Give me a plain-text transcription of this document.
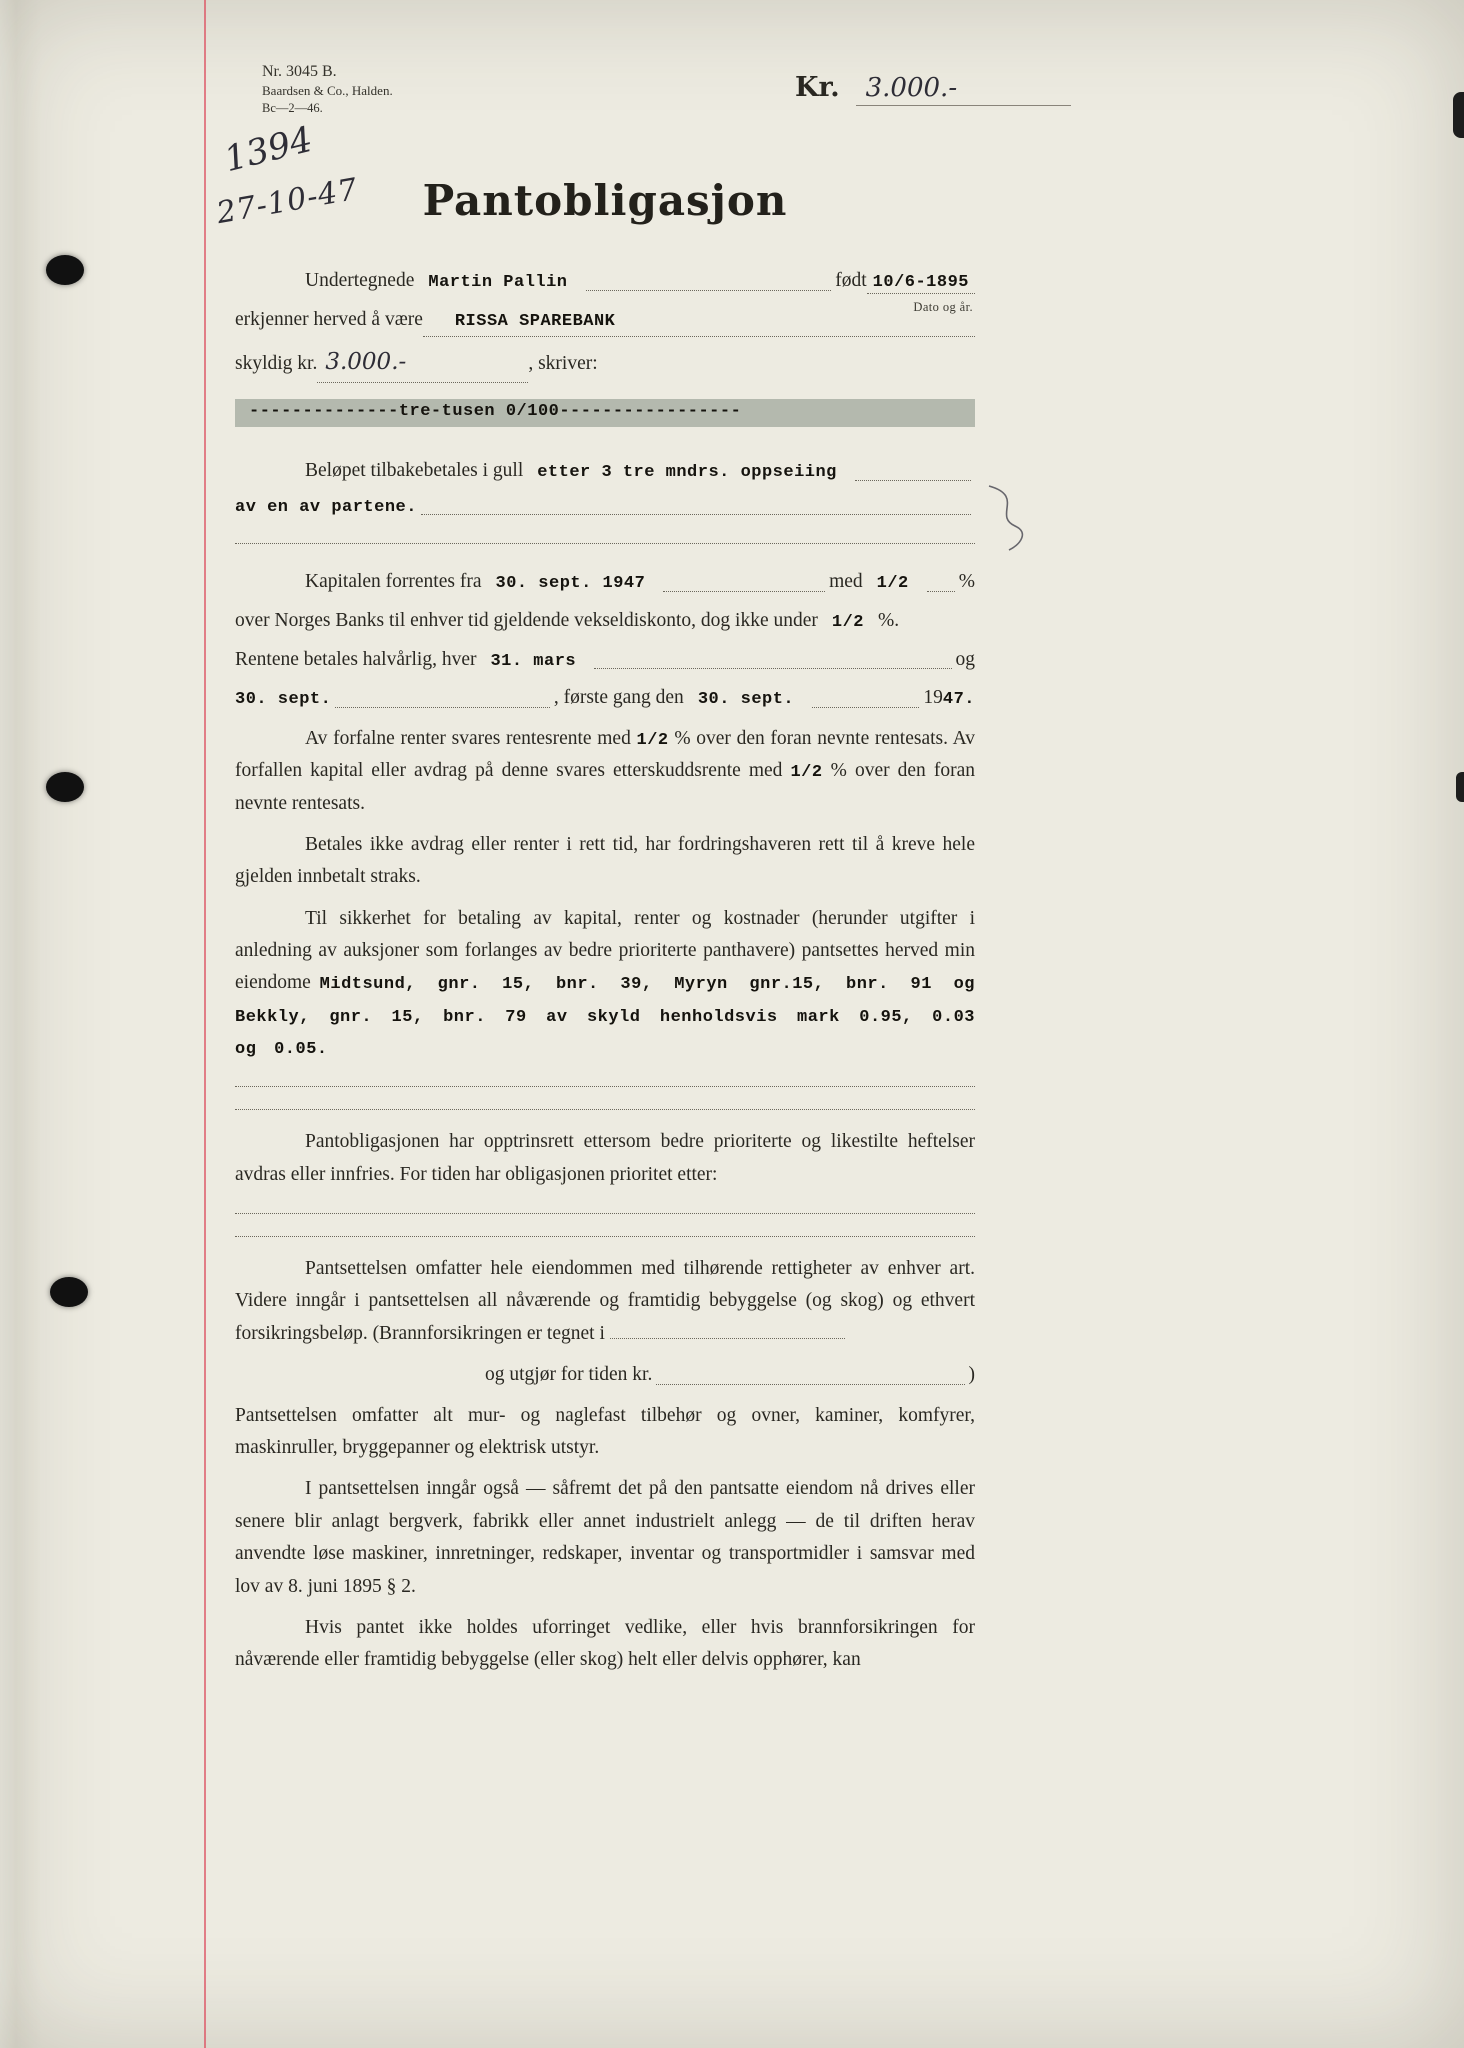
Nr. 3045 B.
Baardsen & Co., Halden.
Bc—2—46.
Kr.	3.000.-
1394
27-10-47	Pantobligasjon
Undertegnede Martin Pallin	født 10/6-1895
Dato og år.
erkjenner herved å være	RISSA SPAREBANK
skyldig kr. 3.000.-	, skriver:
--------------tre-tusen 0/100-----------------
Beløpet tilbakebetales i gull etter 3 tre mndrs. oppseiing
av en av partene.
Kapitalen forrentes fra 30. sept. 1947	med 1/2	%
over Norges Banks til enhver tid gjeldende vekseldiskonto, dog ikke under 1/2 %.
Rentene betales halvårlig, hver 31. mars	og
30. sept.	, første gang den 30. sept.	19 47.

Av forfalne renter svares rentesrente med 1/2 % over den foran nevnte rentesats. Av forfallen kapital eller avdrag på denne svares etterskuddsrente med 1/2 % over den foran nevnte rentesats.

Betales ikke avdrag eller renter i rett tid, har fordringshaveren rett til å kreve hele gjelden innbetalt straks.

Til sikkerhet for betaling av kapital, renter og kostnader (herunder utgifter i anledning av auksjoner som forlanges av bedre prioriterte panthavere) pantsettes herved min eiendome Midtsund, gnr. 15, bnr. 39, Myryn gnr.15, bnr. 91 og Bekkly, gnr. 15, bnr. 79 av skyld henholdsvis mark 0.95, 0.03 og 0.05.

Pantobligasjonen har opptrinsrett ettersom bedre prioriterte og likestilte heftelser avdras eller innfries. For tiden har obligasjonen prioritet etter:

Pantsettelsen omfatter hele eiendommen med tilhørende rettigheter av enhver art. Videre inngår i pantsettelsen all nåværende og framtidig bebyggelse (og skog) og ethvert forsikringsbeløp. (Brannforsikringen er tegnet i

og utgjør for tiden kr.	)

Pantsettelsen omfatter alt mur- og naglefast tilbehør og ovner, kaminer, komfyrer, maskinruller, bryggepanner og elektrisk utstyr.

I pantsettelsen inngår også — såfremt det på den pantsatte eiendom nå drives eller senere blir anlagt bergverk, fabrikk eller annet industrielt anlegg — de til driften herav anvendte løse maskiner, innretninger, redskaper, inventar og transportmidler i samsvar med lov av 8. juni 1895 § 2.

Hvis pantet ikke holdes uforringet vedlike, eller hvis brannforsikringen for nåværende eller framtidig bebyggelse (eller skog) helt eller delvis opphører, kan
